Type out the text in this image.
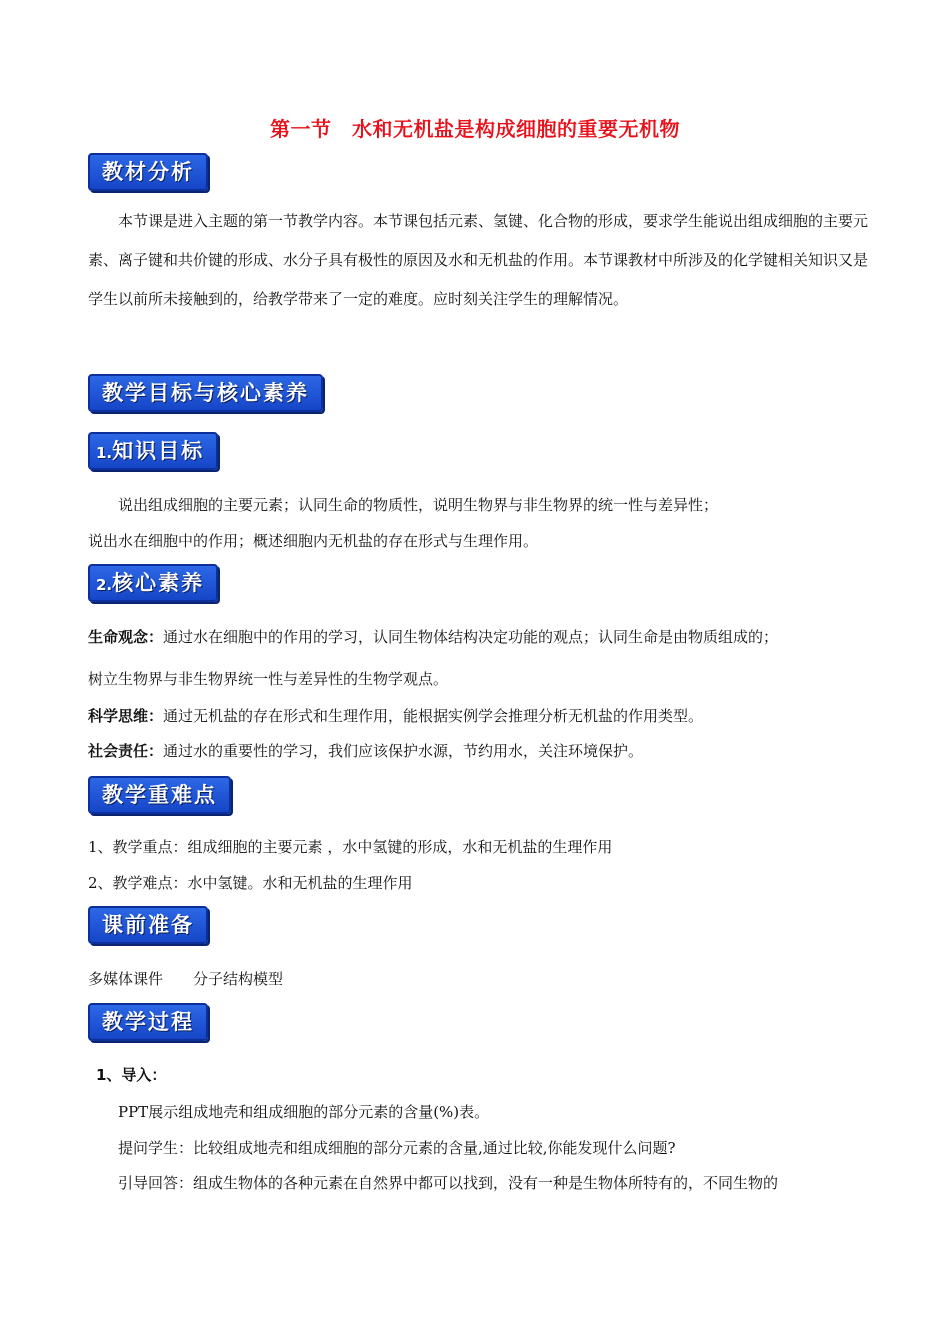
第一节　水和无机盐是构成细胞的重要无机物
教材分析
本节课是进入主题的第一节教学内容。本节课包括元素、氢键、化合物的形成，要求学生能说出组成细胞的主要元素、离子键和共价键的形成、水分子具有极性的原因及水和无机盐的作用。本节课教材中所涉及的化学键相关知识又是学生以前所未接触到的，给教学带来了一定的难度。应时刻关注学生的理解情况。
教学目标与核心素养
1.知识目标
说出组成细胞的主要元素；认同生命的物质性，说明生物界与非生物界的统一性与差异性；
说出水在细胞中的作用；概述细胞内无机盐的存在形式与生理作用。
2.核心素养
生命观念：通过水在细胞中的作用的学习，认同生物体结构决定功能的观点；认同生命是由物质组成的；
树立生物界与非生物界统一性与差异性的生物学观点。
科学思维：通过无机盐的存在形式和生理作用，能根据实例学会推理分析无机盐的作用类型。
社会责任：通过水的重要性的学习，我们应该保护水源，节约用水，关注环境保护。
教学重难点
1、教学重点：组成细胞的主要元素 ，水中氢键的形成，水和无机盐的生理作用
2、教学难点：水中氢键。水和无机盐的生理作用
课前准备
多媒体课件　　分子结构模型
教学过程
1、导入：
PPT展示组成地壳和组成细胞的部分元素的含量(%)表。
提问学生：比较组成地壳和组成细胞的部分元素的含量,通过比较,你能发现什么问题?
引导回答：组成生物体的各种元素在自然界中都可以找到，没有一种是生物体所特有的，不同生物的
